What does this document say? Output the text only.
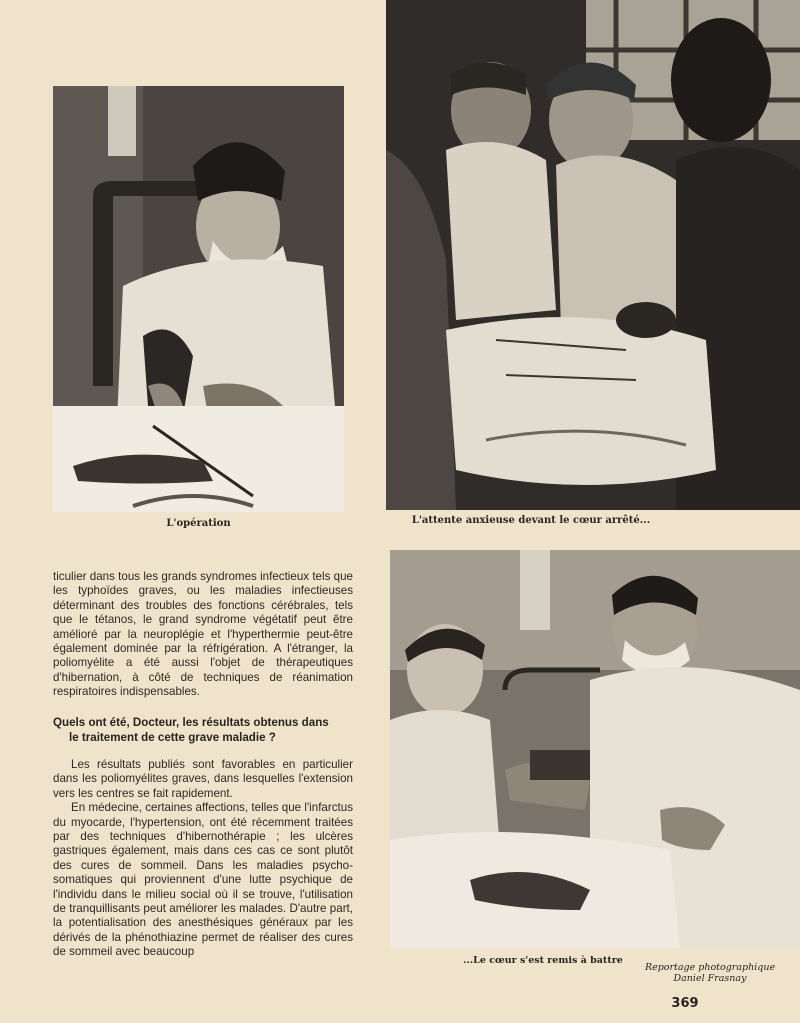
L'opération	L'attente anxieuse devant le cœur arrêté...

ticulier dans tous les grands syndromes infectieux tels que les typhoïdes graves, ou les maladies infectieuses déterminant des troubles des fonctions cérébrales, tels que le tétanos, le grand syndrome végétatif peut être amélioré par la neuroplégie et l'hyperthermie peut-être également dominée par la réfrigération. A l'étranger, la poliomyélite a été aussi l'objet de thérapeutiques d'hibernation, à côté de techniques de réanimation respiratoires indispensables.

Quels ont été, Docteur, les résultats obtenus dans
le traitement de cette grave maladie ?

Les résultats publiés sont favorables en particulier dans les poliomyélites graves, dans lesquelles l'extension vers les centres se fait rapidement.

En médecine, certaines affections, telles que l'infarctus du myocarde, l'hypertension, ont été récemment traitées par des techniques d'hibernothérapie ; les ulcères gastriques également, mais dans ces cas ce sont plutôt des cures de sommeil. Dans les maladies psycho-somatiques qui proviennent d'une lutte psychique de l'individu dans le milieu social où il se trouve, l'utilisation de tranquillisants peut améliorer les malades. D'autre part, la potentialisation des anesthésiques généraux par les dérivés de la phénothiazine permet de réaliser des cures de sommeil avec beaucoup

...Le cœur s'est remis à battre
Reportage photographique
Daniel Frasnay
369
